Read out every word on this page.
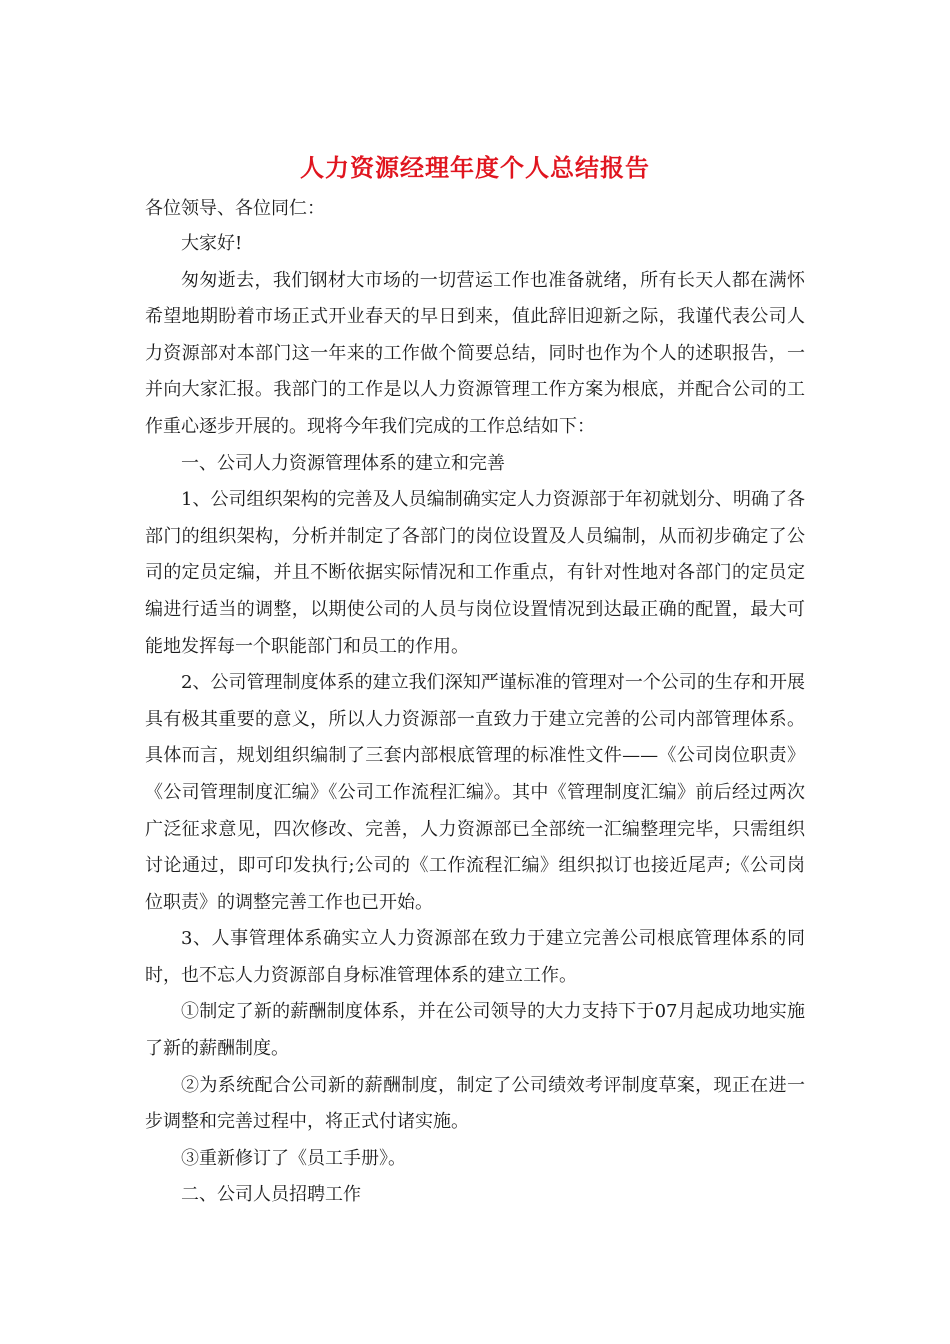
人力资源经理年度个人总结报告

各位领导、各位同仁：

大家好!

匆匆逝去，我们钢材大市场的一切营运工作也准备就绪，所有长天人都在满怀希望地期盼着市场正式开业春天的早日到来，值此辞旧迎新之际，我谨代表公司人力资源部对本部门这一年来的工作做个简要总结，同时也作为个人的述职报告，一并向大家汇报。我部门的工作是以人力资源管理工作方案为根底，并配合公司的工作重心逐步开展的。现将今年我们完成的工作总结如下：

一、公司人力资源管理体系的建立和完善

1、公司组织架构的完善及人员编制确实定人力资源部于年初就划分、明确了各部门的组织架构，分析并制定了各部门的岗位设置及人员编制，从而初步确定了公司的定员定编，并且不断依据实际情况和工作重点，有针对性地对各部门的定员定编进行适当的调整，以期使公司的人员与岗位设置情况到达最正确的配置，最大可能地发挥每一个职能部门和员工的作用。

2、公司管理制度体系的建立我们深知严谨标准的管理对一个公司的生存和开展具有极其重要的意义，所以人力资源部一直致力于建立完善的公司内部管理体系。具体而言，规划组织编制了三套内部根底管理的标准性文件——《公司岗位职责》《公司管理制度汇编》《公司工作流程汇编》。其中《管理制度汇编》前后经过两次广泛征求意见，四次修改、完善，人力资源部已全部统一汇编整理完毕，只需组织讨论通过，即可印发执行;公司的《工作流程汇编》组织拟订也接近尾声;《公司岗位职责》的调整完善工作也已开始。

3、人事管理体系确实立人力资源部在致力于建立完善公司根底管理体系的同时，也不忘人力资源部自身标准管理体系的建立工作。

①制定了新的薪酬制度体系，并在公司领导的大力支持下于07月起成功地实施了新的薪酬制度。

②为系统配合公司新的薪酬制度，制定了公司绩效考评制度草案，现正在进一步调整和完善过程中，将正式付诸实施。

③重新修订了《员工手册》。

二、公司人员招聘工作
